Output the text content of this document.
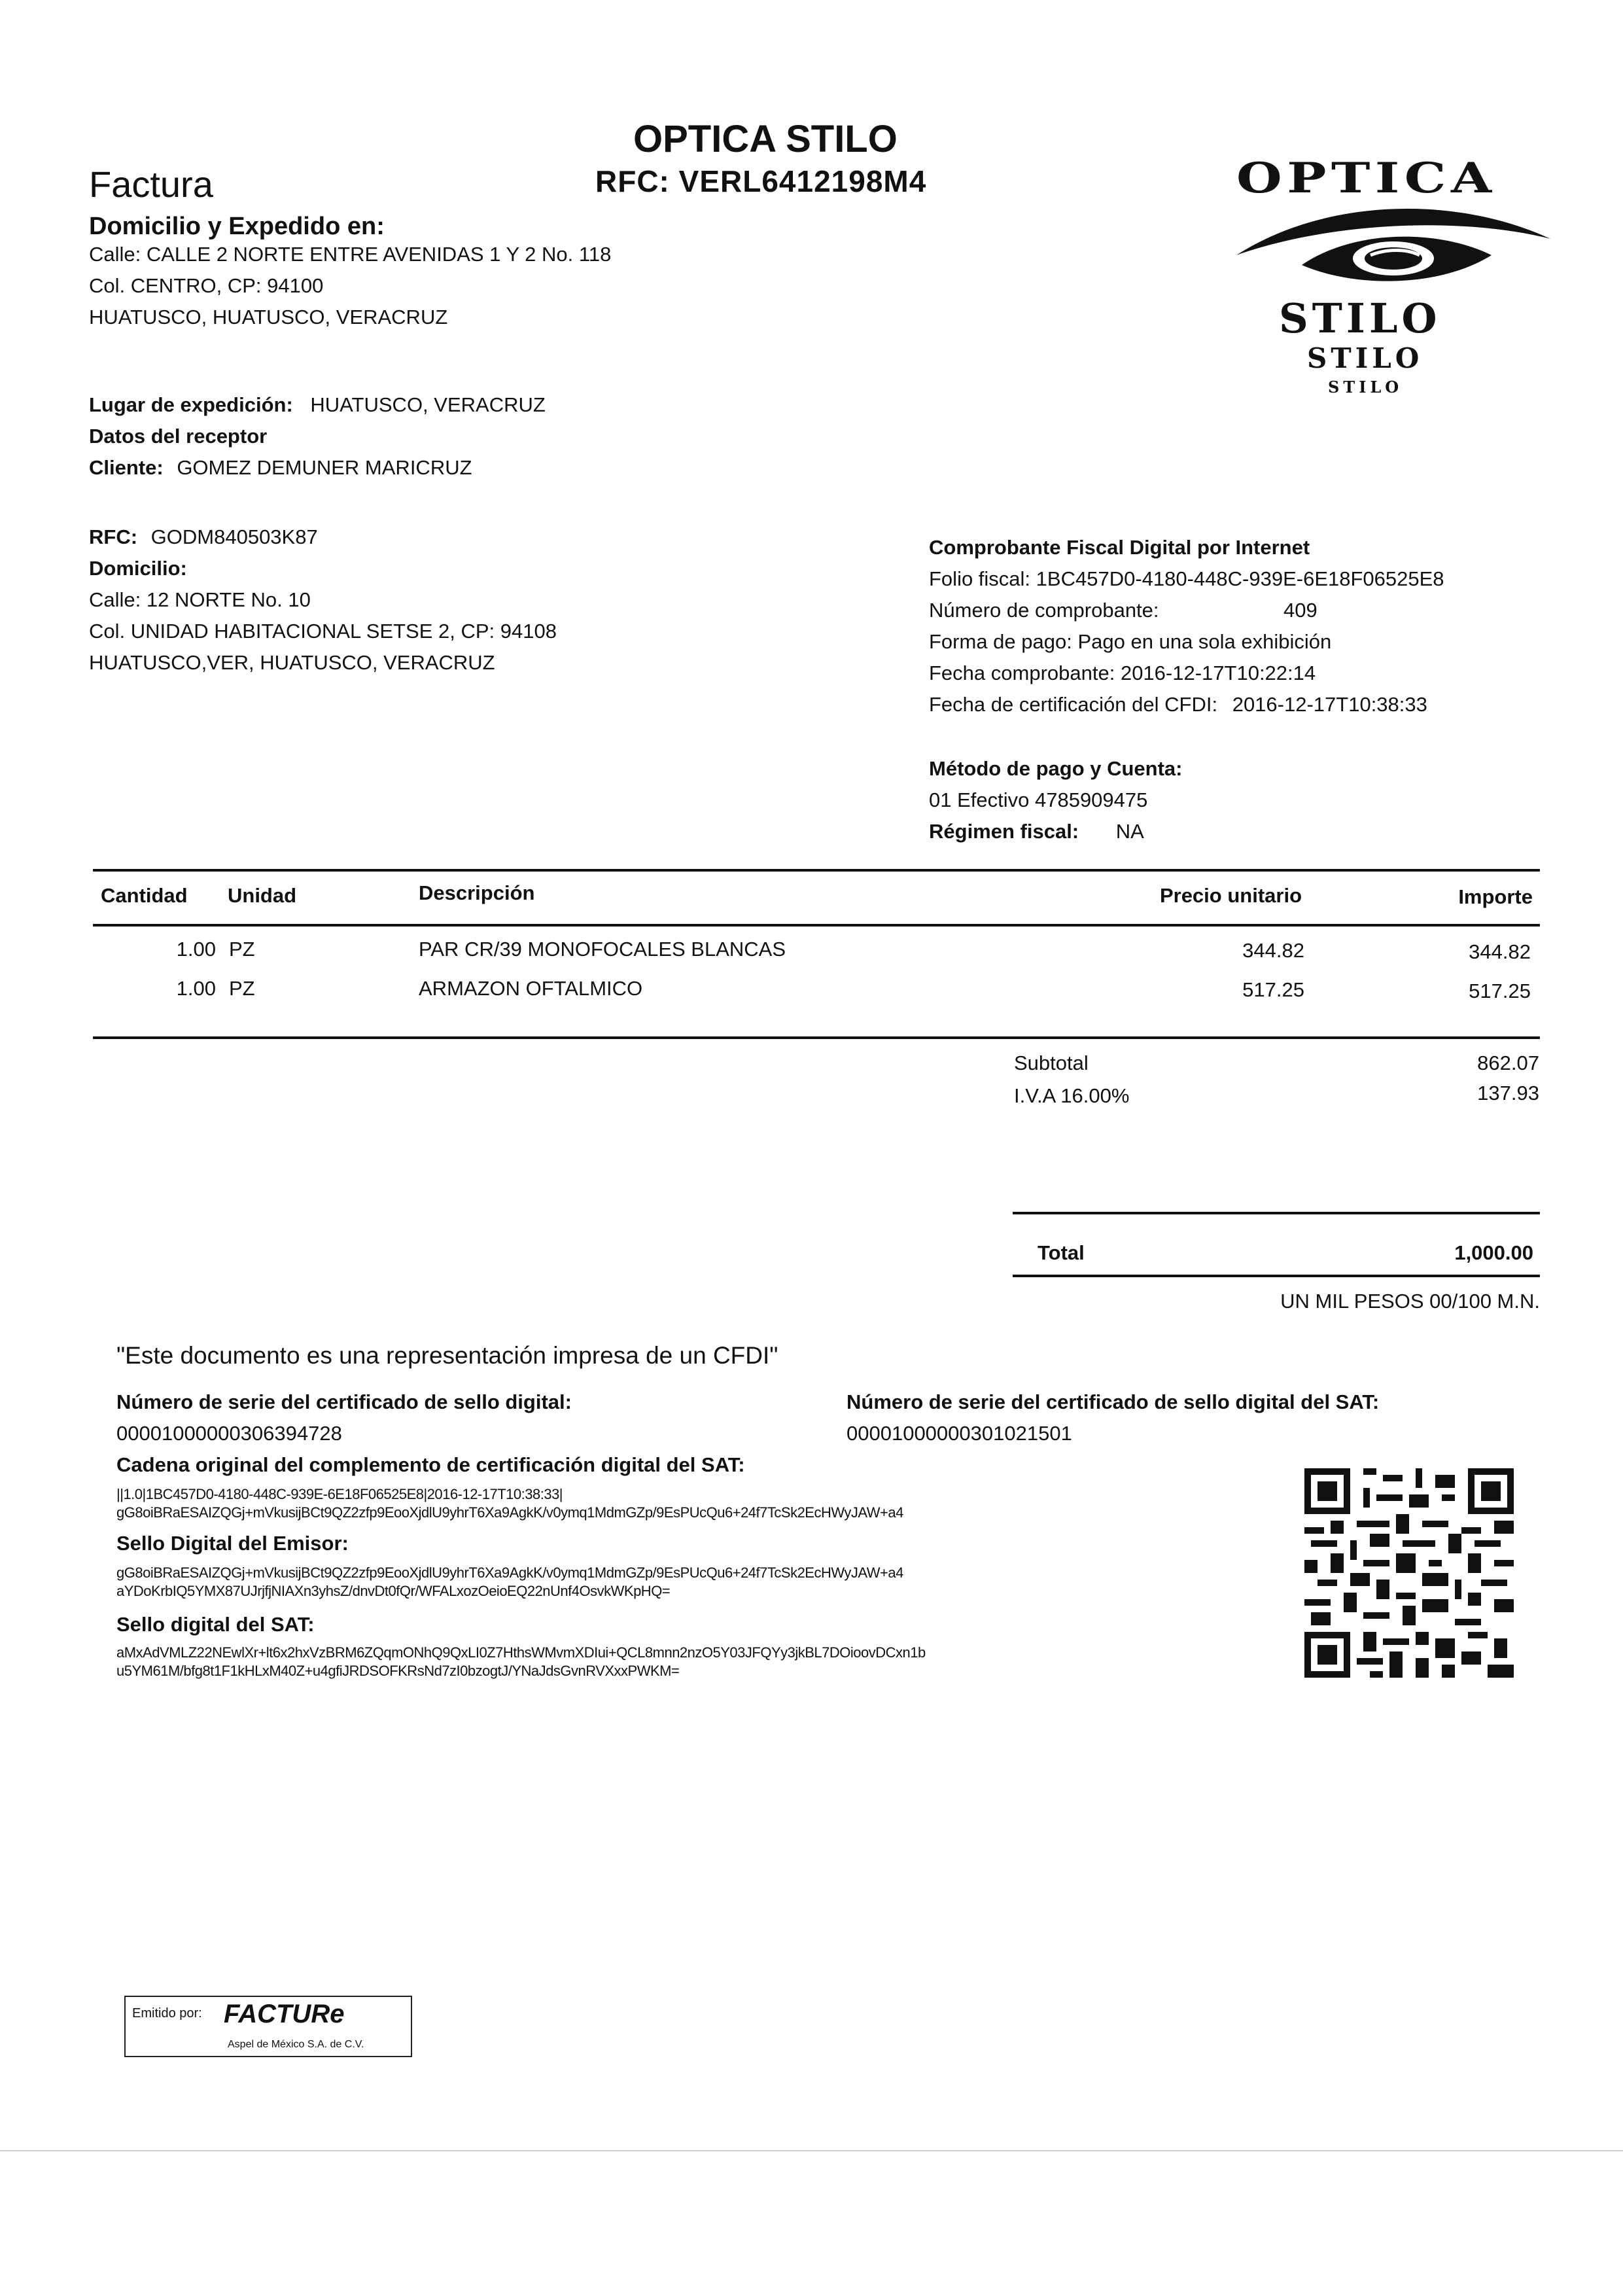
OPTICA STILO
RFC: VERL6412198M4
Factura	OPTICA
STILO
STILO
STILO
Domicilio y Expedido en:
Calle: CALLE 2 NORTE ENTRE AVENIDAS 1 Y 2 No. 118
Col. CENTRO, CP: 94100
HUATUSCO, HUATUSCO, VERACRUZ
Lugar de expedición: HUATUSCO, VERACRUZ
Datos del receptor
Cliente: GOMEZ DEMUNER MARICRUZ
RFC: GODM840503K87
Domicilio:
Calle: 12 NORTE No. 10
Col. UNIDAD HABITACIONAL SETSE 2, CP: 94108
HUATUSCO,VER, HUATUSCO, VERACRUZ
Comprobante Fiscal Digital por Internet
Folio fiscal: 1BC457D0-4180-448C-939E-6E18F06525E8
Número de comprobante:	409
Forma de pago: Pago en una sola exhibición
Fecha comprobante: 2016-12-17T10:22:14
Fecha de certificación del CFDI: 2016-12-17T10:38:33
Método de pago y Cuenta:
01 Efectivo 4785909475
Régimen fiscal: NA
Cantidad Unidad	Descripción	Precio unitario	Importe
1.00 PZ	PAR CR/39 MONOFOCALES BLANCAS	344.82	344.82
1.00 PZ	ARMAZON OFTALMICO	517.25	517.25
Subtotal	862.07
I.V.A 16.00%	137.93
Total	1,000.00
UN MIL PESOS 00/100 M.N.
"Este documento es una representación impresa de un CFDI"
Número de serie del certificado de sello digital:
00001000000306394728
Número de serie del certificado de sello digital del SAT:
00001000000301021501
Cadena original del complemento de certificación digital del SAT:
||1.0|1BC457D0-4180-448C-939E-6E18F06525E8|2016-12-17T10:38:33|
gG8oiBRaESAIZQGj+mVkusijBCt9QZ2zfp9EooXjdlU9yhrT6Xa9AgkK/v0ymq1MdmGZp/9EsPUcQu6+24f7TcSk2EcHWyJAW+a4
Sello Digital del Emisor:
gG8oiBRaESAIZQGj+mVkusijBCt9QZ2zfp9EooXjdlU9yhrT6Xa9AgkK/v0ymq1MdmGZp/9EsPUcQu6+24f7TcSk2EcHWyJAW+a4
aYDoKrbIQ5YMX87UJrjfjNIAXn3yhsZ/dnvDt0fQr/WFALxozOeioEQ22nUnf4OsvkWKpHQ=
Sello digital del SAT:
aMxAdVMLZ22NEwlXr+lt6x2hxVzBRM6ZQqmONhQ9QxLI0Z7HthsWMvmXDIui+QCL8mnn2nzO5Y03JFQYy3jkBL7DOioovDCxn1b
u5YM61M/bfg8t1F1kHLxM40Z+u4gfiJRDSOFKRsNd7zI0bzogtJ/YNaJdsGvnRVXxxPWKM=
Emitido por: FACTURe
Aspel de México S.A. de C.V.
